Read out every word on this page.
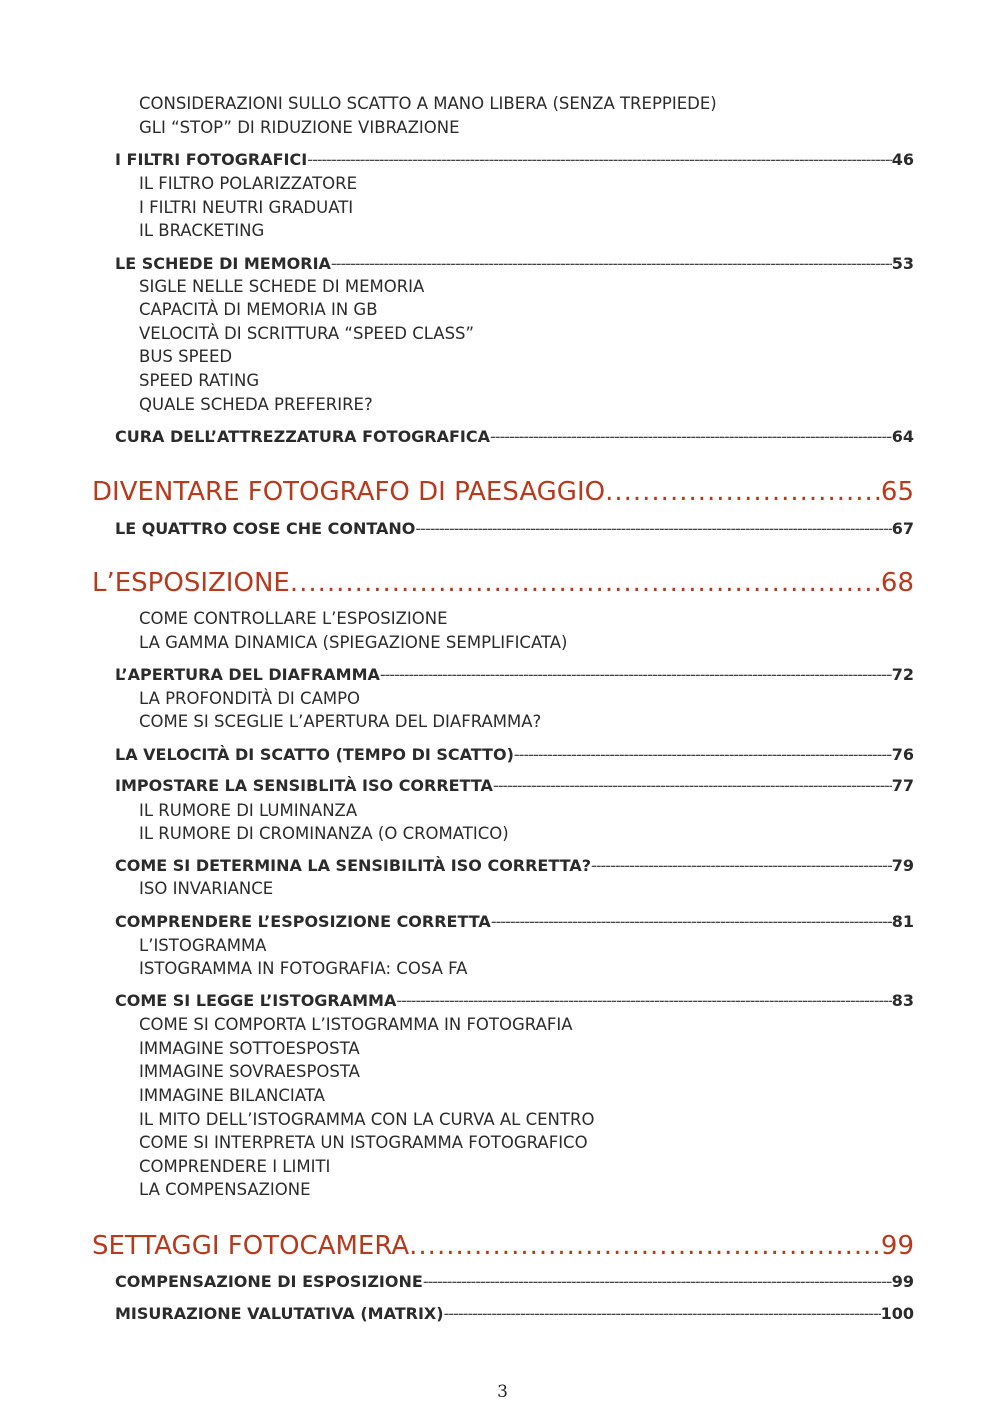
CONSIDERAZIONI SULLO SCATTO A MANO LIBERA (SENZA TREPPIEDE)
GLI “STOP” DI RIDUZIONE VIBRAZIONE
I FILTRI FOTOGRAFICI -----	46
IL FILTRO POLARIZZATORE
I FILTRI NEUTRI GRADUATI
IL BRACKETING
LE SCHEDE DI MEMORIA -----	53
SIGLE NELLE SCHEDE DI MEMORIA
CAPACITÀ DI MEMORIA IN GB
VELOCITÀ DI SCRITTURA “SPEED CLASS”
BUS SPEED
SPEED RATING
QUALE SCHEDA PREFERIRE?
CURA DELL’ATTREZZATURA FOTOGRAFICA -----	64
DIVENTARE FOTOGRAFO DI PAESAGGIO .....	65
LE QUATTRO COSE CHE CONTANO -----	67
L’ESPOSIZIONE .....	68
COME CONTROLLARE L’ESPOSIZIONE
LA GAMMA DINAMICA (SPIEGAZIONE SEMPLIFICATA)
L’APERTURA DEL DIAFRAMMA -----	72
LA PROFONDITÀ DI CAMPO
COME SI SCEGLIE L’APERTURA DEL DIAFRAMMA?
LA VELOCITÀ DI SCATTO (TEMPO DI SCATTO) -----	76
IMPOSTARE LA SENSIBLITÀ ISO CORRETTA -----	77
IL RUMORE DI LUMINANZA
IL RUMORE DI CROMINANZA (O CROMATICO)
COME SI DETERMINA LA SENSIBILITÀ ISO CORRETTA? -----	79
ISO INVARIANCE
COMPRENDERE L’ESPOSIZIONE CORRETTA -----	81
L’ISTOGRAMMA
ISTOGRAMMA IN FOTOGRAFIA: COSA FA
COME SI LEGGE L’ISTOGRAMMA -----	83
COME SI COMPORTA L’ISTOGRAMMA IN FOTOGRAFIA
IMMAGINE SOTTOESPOSTA
IMMAGINE SOVRAESPOSTA
IMMAGINE BILANCIATA
IL MITO DELL’ISTOGRAMMA CON LA CURVA AL CENTRO
COME SI INTERPRETA UN ISTOGRAMMA FOTOGRAFICO
COMPRENDERE I LIMITI
LA COMPENSAZIONE
SETTAGGI FOTOCAMERA .....	99
COMPENSAZIONE DI ESPOSIZIONE -----	99
MISURAZIONE VALUTATIVA (MATRIX) -----	100
3
